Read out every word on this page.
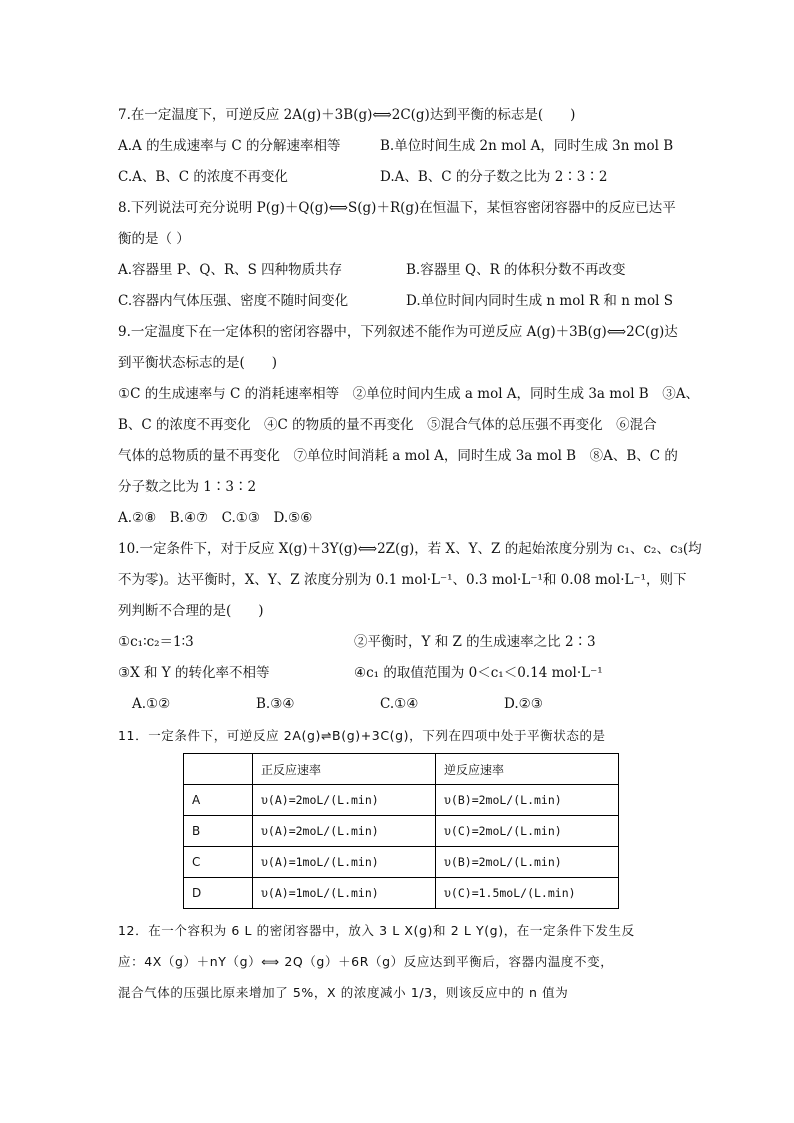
7.在一定温度下，可逆反应 2A(g)＋3B(g)⟺2C(g)达到平衡的标志是(　　)
A.A 的生成速率与 C 的分解速率相等	B.单位时间生成 2n mol A，同时生成 3n mol B
C.A、B、C 的浓度不再变化	D.A、B、C 的分子数之比为 2∶3∶2
8.下列说法可充分说明 P(g)＋Q(g)⟺S(g)＋R(g)在恒温下，某恒容密闭容器中的反应已达平
衡的是（ ）
A.容器里 P、Q、R、S 四种物质共存	B.容器里 Q、R 的体积分数不再改变
C.容器内气体压强、密度不随时间变化	D.单位时间内同时生成 n mol R 和 n mol S
9.一定温度下在一定体积的密闭容器中，下列叙述不能作为可逆反应 A(g)＋3B(g)⟺2C(g)达
到平衡状态标志的是(　　)
①C 的生成速率与 C 的消耗速率相等　②单位时间内生成 a mol A，同时生成 3a mol B　③A、
B、C 的浓度不再变化　④C 的物质的量不再变化　⑤混合气体的总压强不再变化　⑥混合
气体的总物质的量不再变化　⑦单位时间消耗 a mol A，同时生成 3a mol B　⑧A、B、C 的
分子数之比为 1∶3∶2
A.②⑧　B.④⑦　C.①③　D.⑤⑥
10.一定条件下，对于反应 X(g)＋3Y(g)⟺2Z(g)，若 X、Y、Z 的起始浓度分别为 c₁、c₂、c₃(均
不为零)。达平衡时，X、Y、Z 浓度分别为 0.1 mol·L⁻¹、0.3 mol·L⁻¹和 0.08 mol·L⁻¹，则下
列判断不合理的是(　　)
①c₁∶c₂＝1∶3	②平衡时，Y 和 Z 的生成速率之比 2∶3
③X 和 Y 的转化率不相等	④c₁ 的取值范围为 0＜c₁＜0.14 mol·L⁻¹
A.①②	B.③④	C.①④	D.②③
11．一定条件下，可逆反应 2A(g)⇌B(g)+3C(g)，下列在四项中处于平衡状态的是
	正反应速率	逆反应速率
A	υ(A)=2moL/(L.min)	υ(B)=2moL/(L.min)
B	υ(A)=2moL/(L.min)	υ(C)=2moL/(L.min)
C	υ(A)=1moL/(L.min)	υ(B)=2moL/(L.min)
D	υ(A)=1moL/(L.min)	υ(C)=1.5moL/(L.min)
12．在一个容积为 6 L 的密闭容器中，放入 3 L X(g)和 2 L Y(g)，在一定条件下发生反
应：4X（g）＋nY（g）⟺ 2Q（g）＋6R（g）反应达到平衡后，容器内温度不变，
混合气体的压强比原来增加了 5%，X 的浓度减小 1/3，则该反应中的 n 值为
